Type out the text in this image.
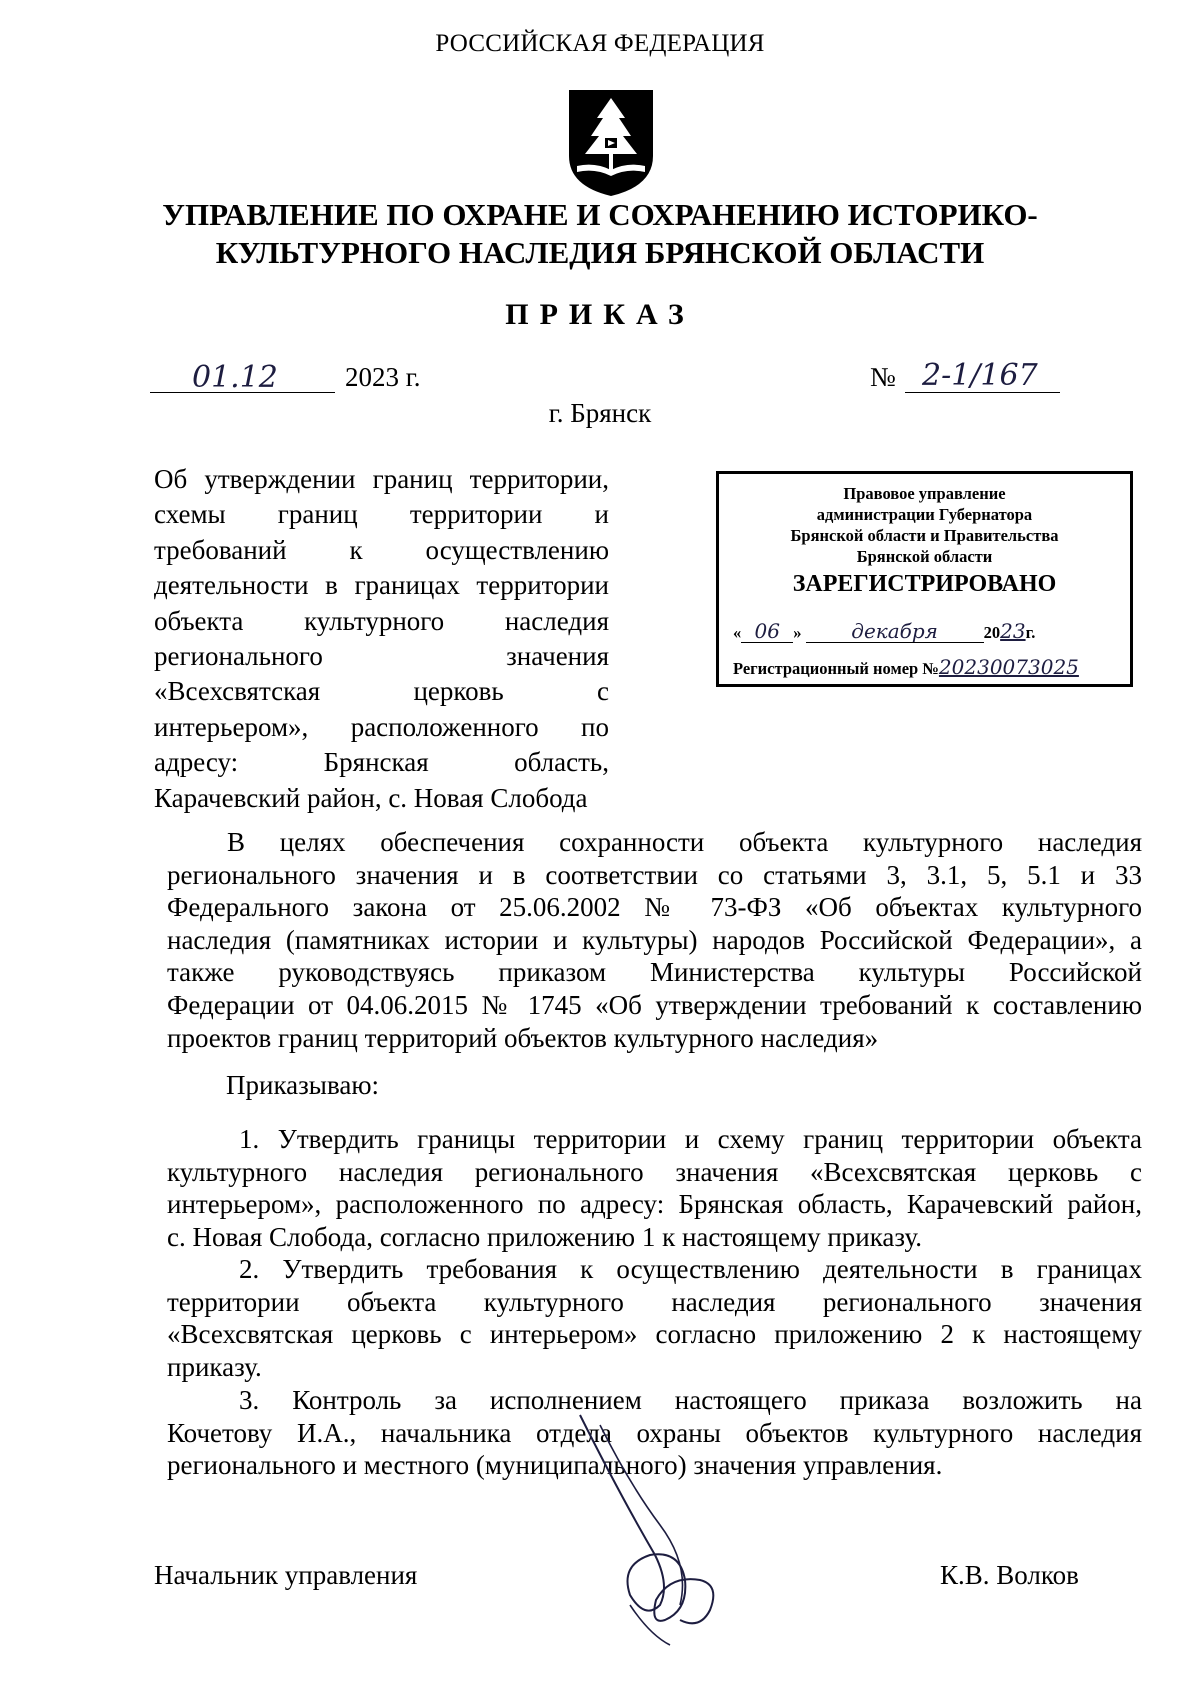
РОССИЙСКАЯ ФЕДЕРАЦИЯ
УПРАВЛЕНИЕ ПО ОХРАНЕ И СОХРАНЕНИЮ ИСТОРИКО-
КУЛЬТУРНОГО НАСЛЕДИЯ БРЯНСКОЙ ОБЛАСТИ
ПРИКАЗ
01.12 2023 г.	№ 2-1/167
г. Брянск
Об утверждении границ территории,
схемы границ территории и
требований к осуществлению
деятельности в границах территории
объекта культурного наследия
регионального значения
«Всехсвятская церковь с
интерьером», расположенного по
адресу: Брянская область,
Карачевский район, с. Новая Слобода
Правовое управление
администрации Губернатора
Брянской области и Правительства
Брянской области
ЗАРЕГИСТРИРОВАНО
« 06 » декабря	2023г.
Регистрационный номер №20230073025
В целях обеспечения сохранности объекта культурного наследия
регионального значения и в соответствии со статьями 3, 3.1, 5, 5.1 и 33
Федерального закона от 25.06.2002 № 73-ФЗ «Об объектах культурного
наследия (памятниках истории и культуры) народов Российской Федерации», а
также руководствуясь приказом Министерства культуры Российской
Федерации от 04.06.2015 № 1745 «Об утверждении требований к составлению
проектов границ территорий объектов культурного наследия»
Приказываю:
1. Утвердить границы территории и схему границ территории объекта
культурного наследия регионального значения «Всехсвятская церковь с
интерьером», расположенного по адресу: Брянская область, Карачевский район,
с. Новая Слобода, согласно приложению 1 к настоящему приказу.
2. Утвердить требования к осуществлению деятельности в границах
территории объекта культурного наследия регионального значения
«Всехсвятская церковь с интерьером» согласно приложению 2 к настоящему
приказу.
3. Контроль за исполнением настоящего приказа возложить на
Кочетову И.А., начальника отдела охраны объектов культурного наследия
регионального и местного (муниципального) значения управления.
Начальник управления	К.В. Волков
